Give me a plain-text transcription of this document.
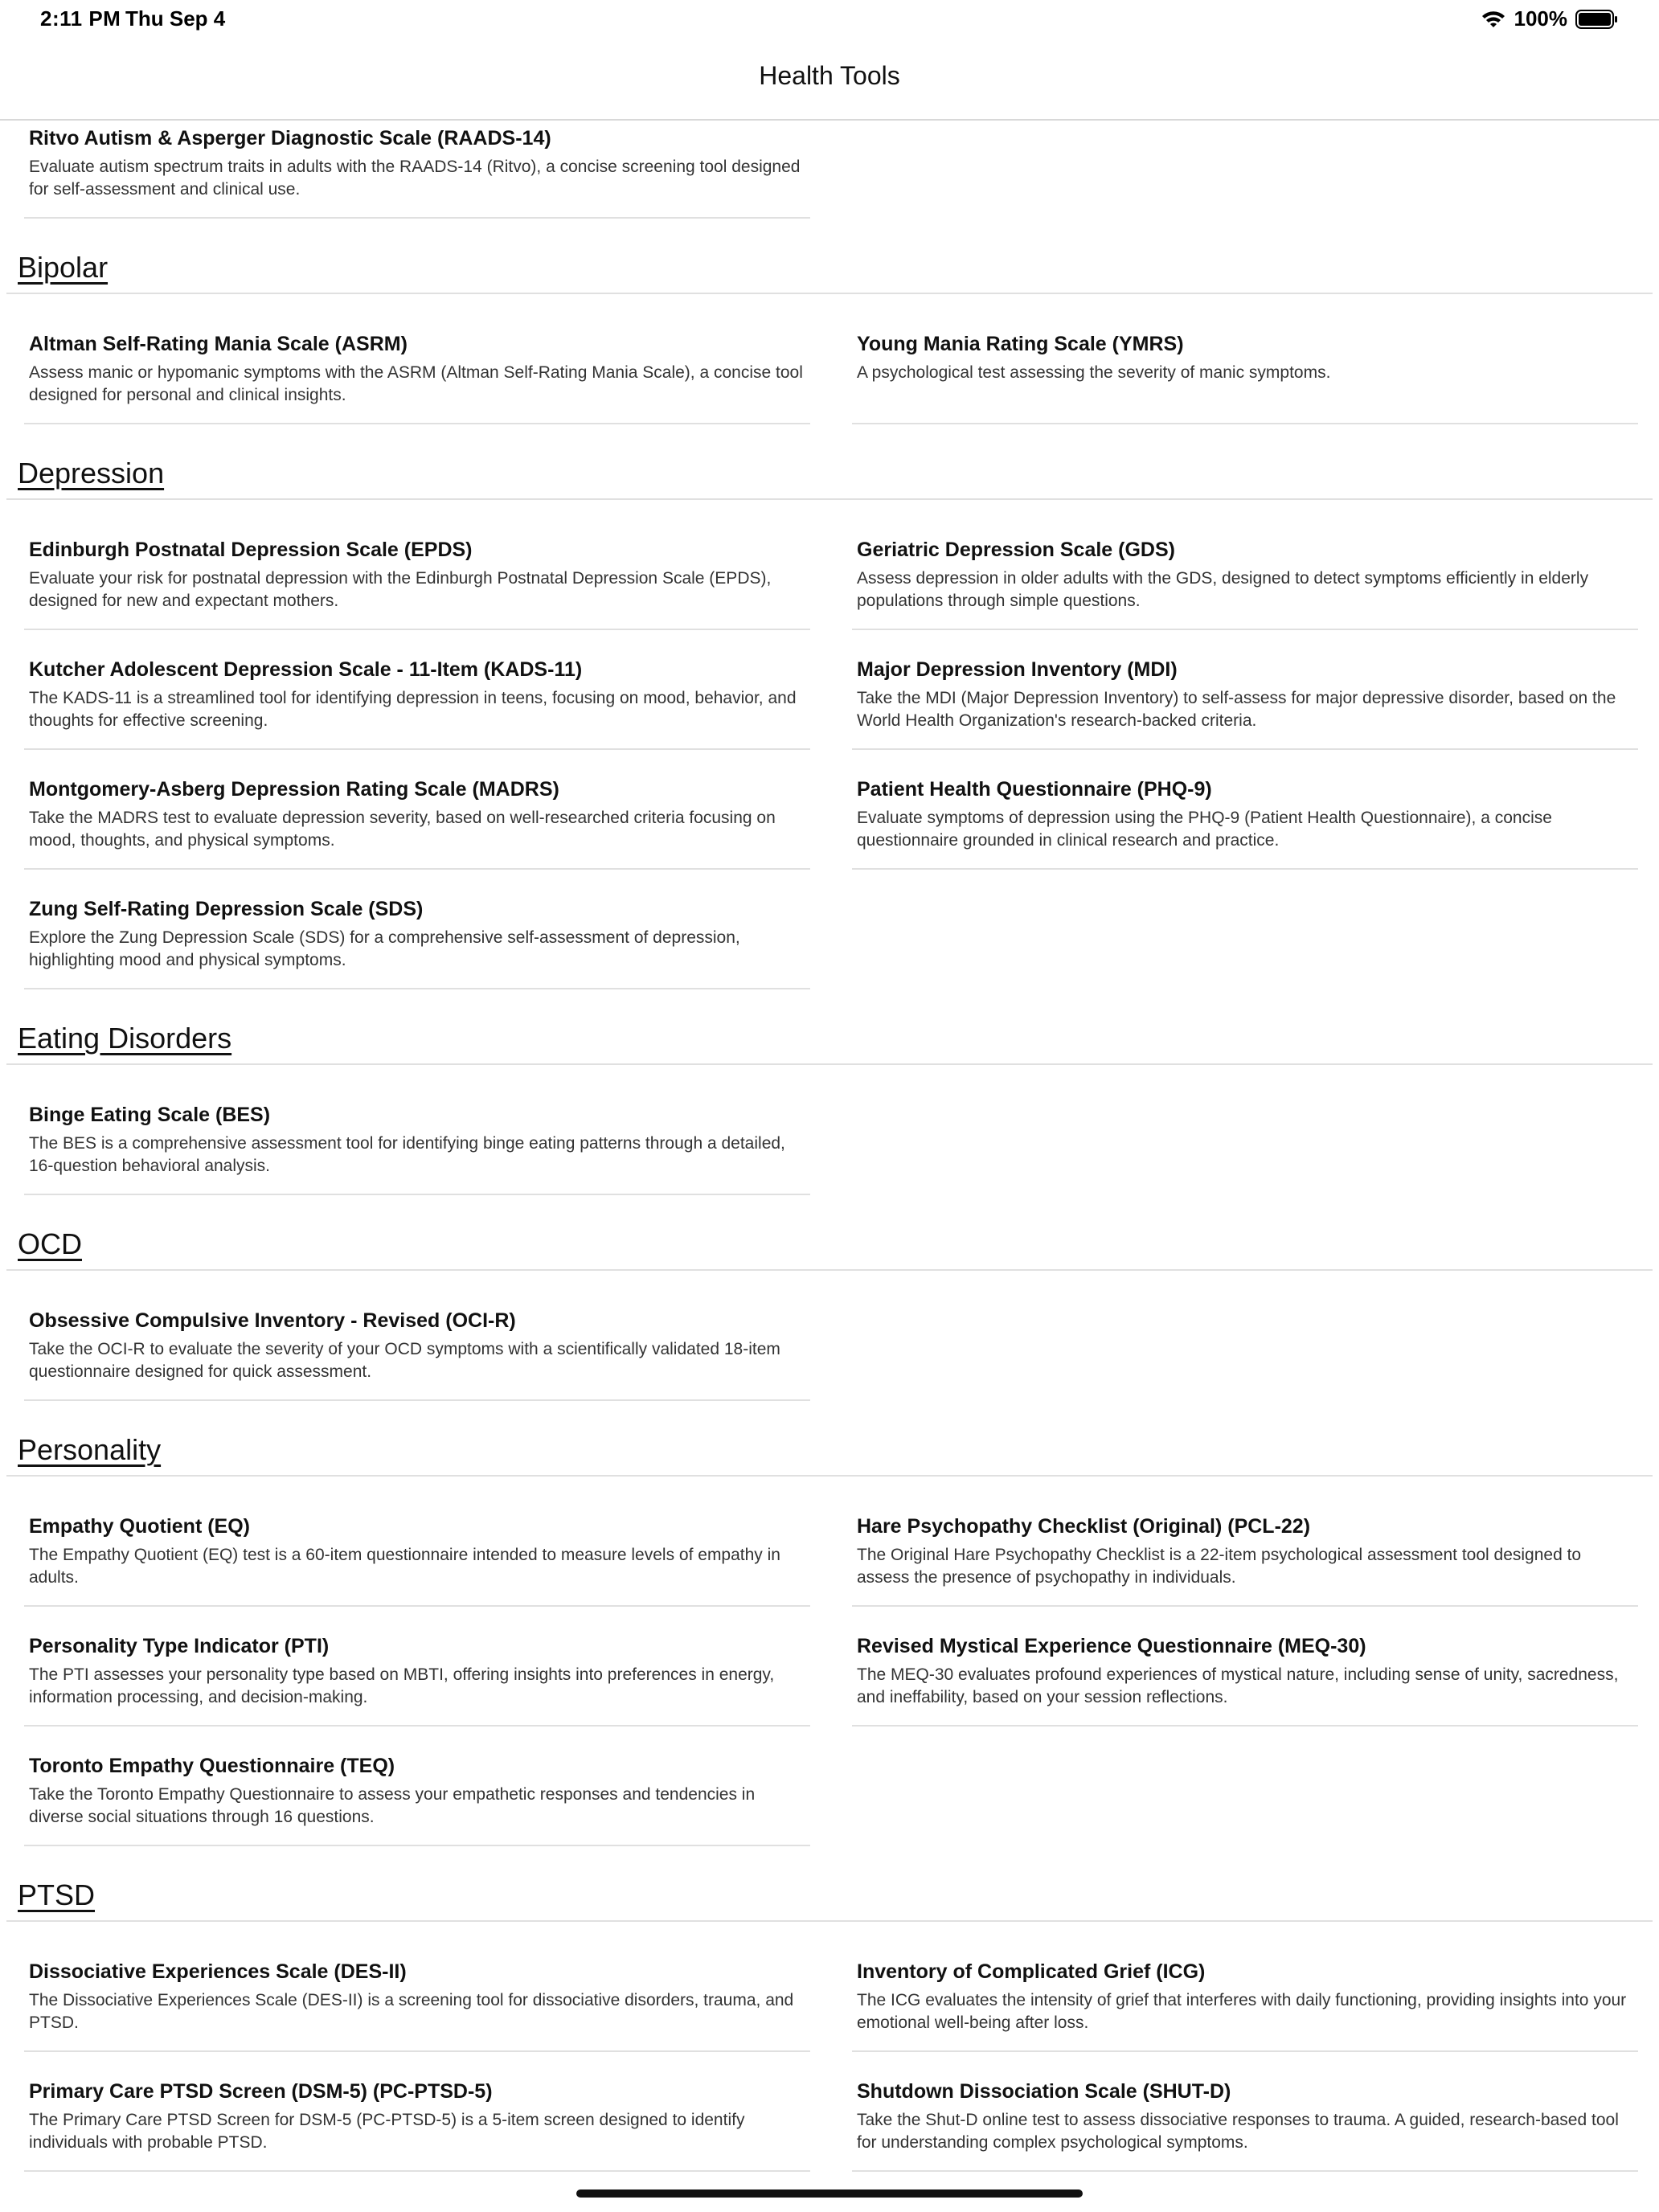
2:11 PM Thu Sep 4	100%
Health Tools
Ritvo Autism & Asperger Diagnostic Scale (RAADS-14)
Evaluate autism spectrum traits in adults with the RAADS-14 (Ritvo), a concise screening tool designed for self-assessment and clinical use.
Bipolar
Altman Self-Rating Mania Scale (ASRM)
Assess manic or hypomanic symptoms with the ASRM (Altman Self-Rating Mania Scale), a concise tool designed for personal and clinical insights.
Young Mania Rating Scale (YMRS)
A psychological test assessing the severity of manic symptoms.
Depression
Edinburgh Postnatal Depression Scale (EPDS)
Evaluate your risk for postnatal depression with the Edinburgh Postnatal Depression Scale (EPDS), designed for new and expectant mothers.
Geriatric Depression Scale (GDS)
Assess depression in older adults with the GDS, designed to detect symptoms efficiently in elderly populations through simple questions.
Kutcher Adolescent Depression Scale - 11-Item (KADS-11)
The KADS-11 is a streamlined tool for identifying depression in teens, focusing on mood, behavior, and thoughts for effective screening.
Major Depression Inventory (MDI)
Take the MDI (Major Depression Inventory) to self-assess for major depressive disorder, based on the World Health Organization's research-backed criteria.
Montgomery-Asberg Depression Rating Scale (MADRS)
Take the MADRS test to evaluate depression severity, based on well-researched criteria focusing on mood, thoughts, and physical symptoms.
Patient Health Questionnaire (PHQ-9)
Evaluate symptoms of depression using the PHQ-9 (Patient Health Questionnaire), a concise questionnaire grounded in clinical research and practice.
Zung Self-Rating Depression Scale (SDS)
Explore the Zung Depression Scale (SDS) for a comprehensive self-assessment of depression, highlighting mood and physical symptoms.
Eating Disorders
Binge Eating Scale (BES)
The BES is a comprehensive assessment tool for identifying binge eating patterns through a detailed, 16-question behavioral analysis.
OCD
Obsessive Compulsive Inventory - Revised (OCI-R)
Take the OCI-R to evaluate the severity of your OCD symptoms with a scientifically validated 18-item questionnaire designed for quick assessment.
Personality
Empathy Quotient (EQ)
The Empathy Quotient (EQ) test is a 60-item questionnaire intended to measure levels of empathy in adults.
Hare Psychopathy Checklist (Original) (PCL-22)
The Original Hare Psychopathy Checklist is a 22-item psychological assessment tool designed to assess the presence of psychopathy in individuals.
Personality Type Indicator (PTI)
The PTI assesses your personality type based on MBTI, offering insights into preferences in energy, information processing, and decision-making.
Revised Mystical Experience Questionnaire (MEQ-30)
The MEQ-30 evaluates profound experiences of mystical nature, including sense of unity, sacredness, and ineffability, based on your session reflections.
Toronto Empathy Questionnaire (TEQ)
Take the Toronto Empathy Questionnaire to assess your empathetic responses and tendencies in diverse social situations through 16 questions.
PTSD
Dissociative Experiences Scale (DES-II)
The Dissociative Experiences Scale (DES-II) is a screening tool for dissociative disorders, trauma, and PTSD.
Inventory of Complicated Grief (ICG)
The ICG evaluates the intensity of grief that interferes with daily functioning, providing insights into your emotional well-being after loss.
Primary Care PTSD Screen (DSM-5) (PC-PTSD-5)
The Primary Care PTSD Screen for DSM-5 (PC-PTSD-5) is a 5-item screen designed to identify individuals with probable PTSD.
Shutdown Dissociation Scale (SHUT-D)
Take the Shut-D online test to assess dissociative responses to trauma. A guided, research-based tool for understanding complex psychological symptoms.
